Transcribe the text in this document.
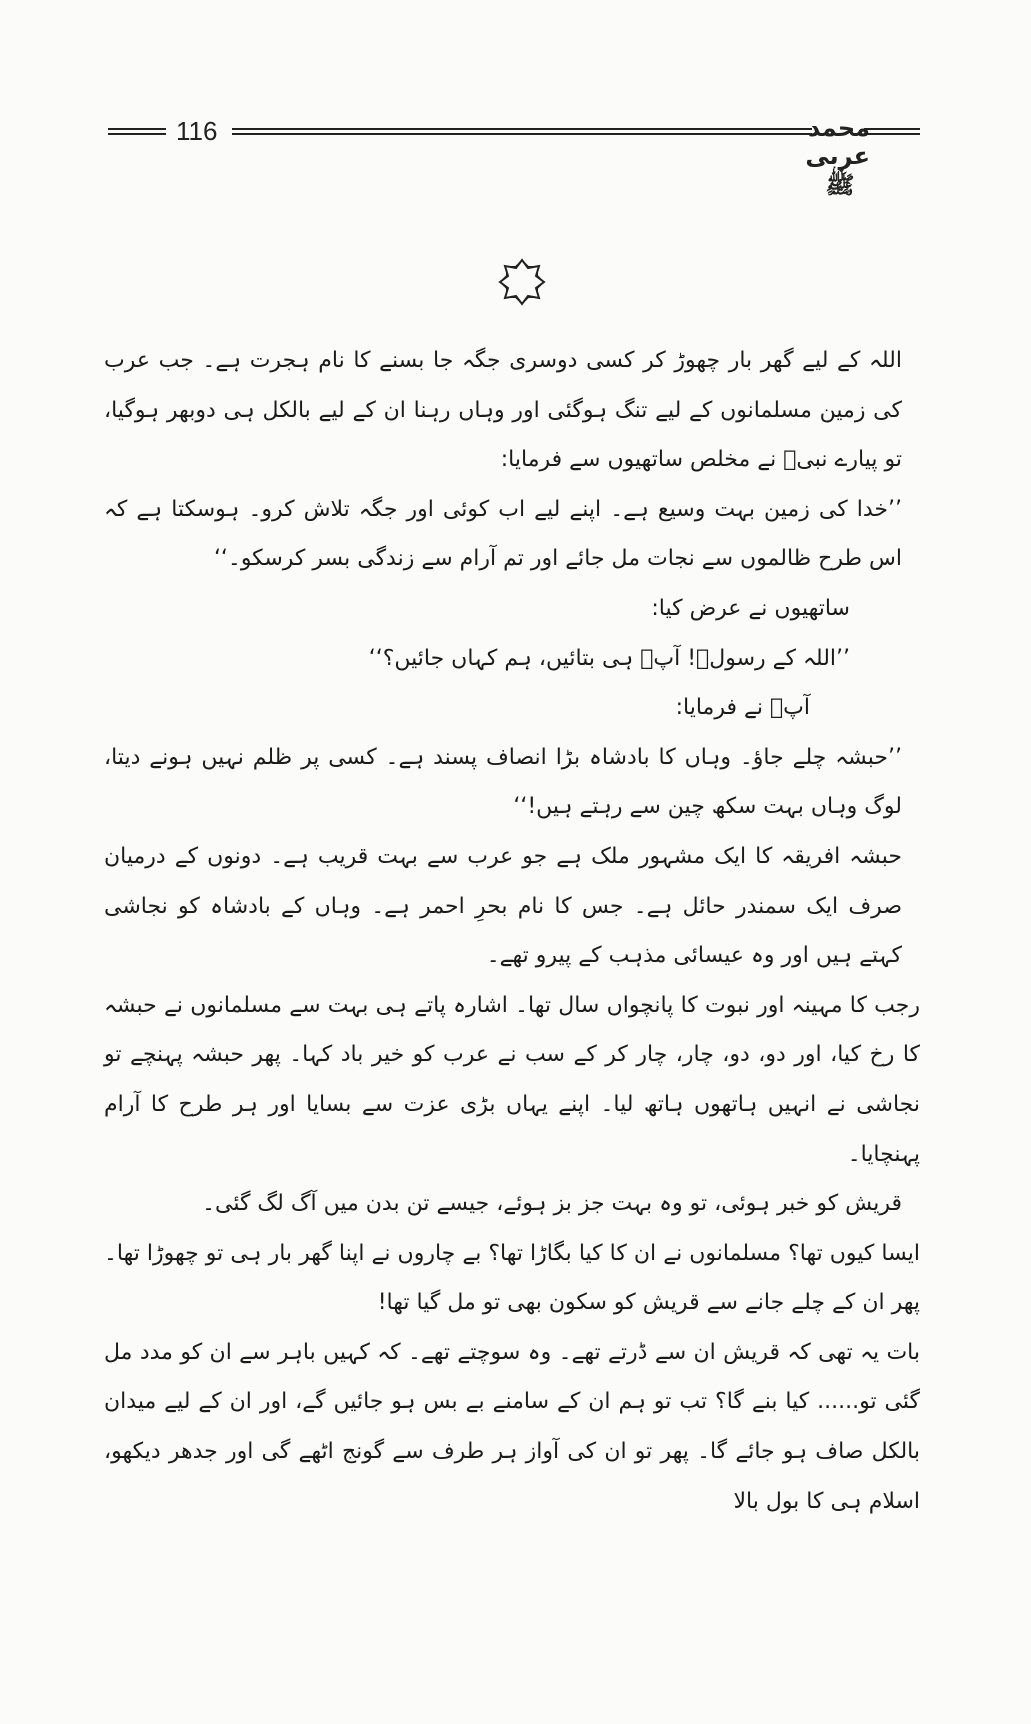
116	محمد عربی ﷺ

اللہ کے لیے گھر بار چھوڑ کر کسی دوسری جگہ جا بسنے کا نام ہجرت ہے۔ جب عرب کی زمین مسلمانوں کے لیے تنگ ہوگئی اور وہاں رہنا ان کے لیے بالکل ہی دوبھر ہوگیا، تو پیارے نبیؐ نے مخلص ساتھیوں سے فرمایا:

’’خدا کی زمین بہت وسیع ہے۔ اپنے لیے اب کوئی اور جگہ تلاش کرو۔ ہوسکتا ہے کہ اس طرح ظالموں سے نجات مل جائے اور تم آرام سے زندگی بسر کرسکو۔‘‘

ساتھیوں نے عرض کیا:

’’اللہ کے رسولؐ! آپؐ ہی بتائیں، ہم کہاں جائیں؟‘‘

آپؐ نے فرمایا:

’’حبشہ چلے جاؤ۔ وہاں کا بادشاہ بڑا انصاف پسند ہے۔ کسی پر ظلم نہیں ہونے دیتا، لوگ وہاں بہت سکھ چین سے رہتے ہیں!‘‘

حبشہ افریقہ کا ایک مشہور ملک ہے جو عرب سے بہت قریب ہے۔ دونوں کے درمیان صرف ایک سمندر حائل ہے۔ جس کا نام بحرِ احمر ہے۔ وہاں کے بادشاہ کو نجاشی کہتے ہیں اور وہ عیسائی مذہب کے پیرو تھے۔

رجب کا مہینہ اور نبوت کا پانچواں سال تھا۔ اشارہ پاتے ہی بہت سے مسلمانوں نے حبشہ کا رخ کیا، اور دو، دو، چار، چار کر کے سب نے عرب کو خیر باد کہا۔ پھر حبشہ پہنچے تو نجاشی نے انہیں ہاتھوں ہاتھ لیا۔ اپنے یہاں بڑی عزت سے بسایا اور ہر طرح کا آرام پہنچایا۔

قریش کو خبر ہوئی، تو وہ بہت جز بز ہوئے، جیسے تن بدن میں آگ لگ گئی۔

ایسا کیوں تھا؟ مسلمانوں نے ان کا کیا بگاڑا تھا؟ بے چاروں نے اپنا گھر بار ہی تو چھوڑا تھا۔ پھر ان کے چلے جانے سے قریش کو سکون بھی تو مل گیا تھا!

بات یہ تھی کہ قریش ان سے ڈرتے تھے۔ وہ سوچتے تھے۔ کہ کہیں باہر سے ان کو مدد مل گئی تو...... کیا بنے گا؟ تب تو ہم ان کے سامنے بے بس ہو جائیں گے، اور ان کے لیے میدان بالکل صاف ہو جائے گا۔ پھر تو ان کی آواز ہر طرف سے گونج اٹھے گی اور جدھر دیکھو، اسلام ہی کا بول بالا
